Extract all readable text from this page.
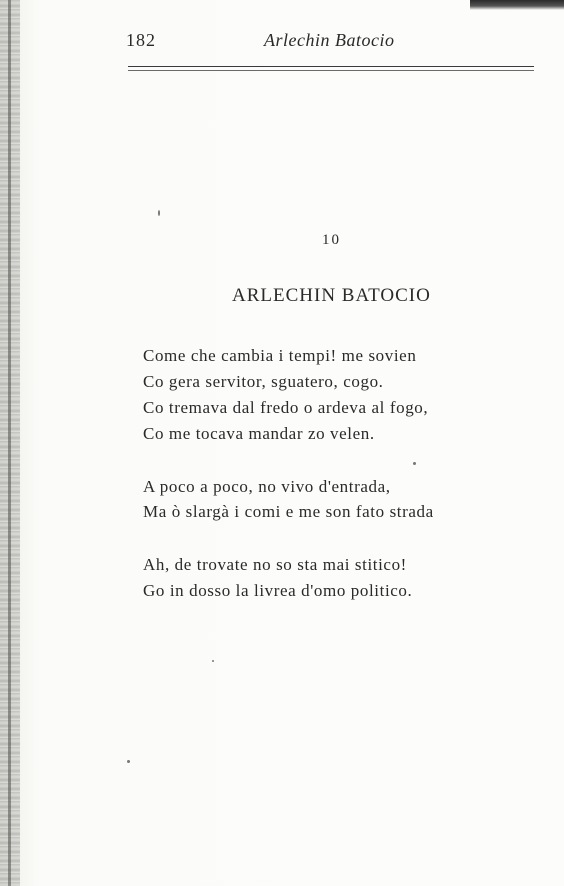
182	Arlechin Batocio
10
ARLECHIN BATOCIO
Come che cambia i tempi! me sovien
Co gera servitor, sguatero, cogo.
Co tremava dal fredo o ardeva al fogo,
Co me tocava mandar zo velen.
A poco a poco, no vivo d'entrada,
Ma ò slargà i comi e me son fato strada
Ah, de trovate no so sta mai stitico!
Go in dosso la livrea d'omo politico.
